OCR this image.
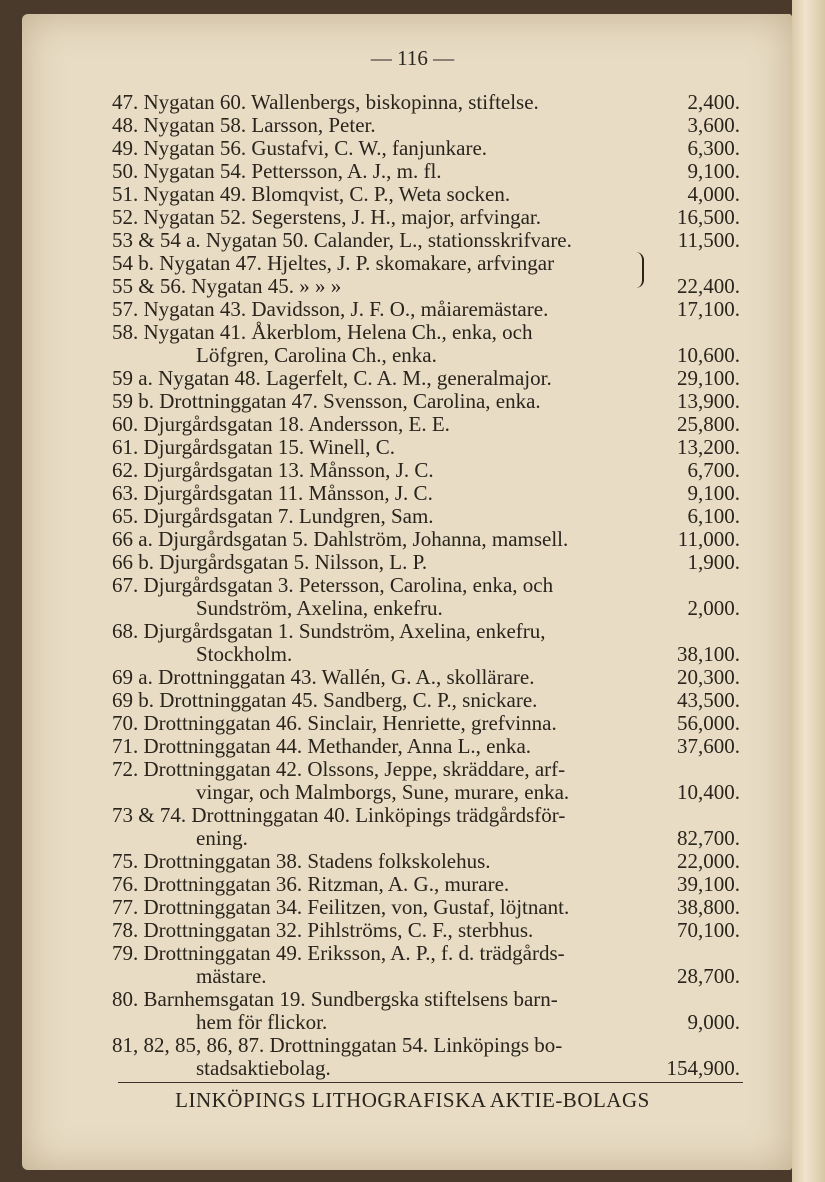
— 116 —
47. Nygatan 60. Wallenbergs, biskopinna, stiftelse.	2,400.
48. Nygatan 58. Larsson, Peter.	3,600.
49. Nygatan 56. Gustafvi, C. W., fanjunkare.	6,300.
50. Nygatan 54. Pettersson, A. J., m. fl.	9,100.
51. Nygatan 49. Blomqvist, C. P., Weta socken.	4,000.
52. Nygatan 52. Segerstens, J. H., major, arfvingar.	16,500.
53 & 54 a. Nygatan 50. Calander, L., stationsskrifvare.	11,500.
54 b. Nygatan 47. Hjeltes, J. P. skomakare, arfvingar
55 & 56. Nygatan 45. » » »	22,400.
57. Nygatan 43. Davidsson, J. F. O., måiaremästare.	17,100.
58. Nygatan 41. Åkerblom, Helena Ch., enka, och
Löfgren, Carolina Ch., enka.	10,600.
59 a. Nygatan 48. Lagerfelt, C. A. M., generalmajor.	29,100.
59 b. Drottninggatan 47. Svensson, Carolina, enka.	13,900.
60. Djurgårdsgatan 18. Andersson, E. E.	25,800.
61. Djurgårdsgatan 15. Winell, C.	13,200.
62. Djurgårdsgatan 13. Månsson, J. C.	6,700.
63. Djurgårdsgatan 11. Månsson, J. C.	9,100.
65. Djurgårdsgatan 7. Lundgren, Sam.	6,100.
66 a. Djurgårdsgatan 5. Dahlström, Johanna, mamsell.	11,000.
66 b. Djurgårdsgatan 5. Nilsson, L. P.	1,900.
67. Djurgårdsgatan 3. Petersson, Carolina, enka, och
Sundström, Axelina, enkefru.	2,000.
68. Djurgårdsgatan 1. Sundström, Axelina, enkefru,
Stockholm.	38,100.
69 a. Drottninggatan 43. Wallén, G. A., skollärare.	20,300.
69 b. Drottninggatan 45. Sandberg, C. P., snickare.	43,500.
70. Drottninggatan 46. Sinclair, Henriette, grefvinna.	56,000.
71. Drottninggatan 44. Methander, Anna L., enka.	37,600.
72. Drottninggatan 42. Olssons, Jeppe, skräddare, arf-
vingar, och Malmborgs, Sune, murare, enka.	10,400.
73 & 74. Drottninggatan 40. Linköpings trädgårdsför-
ening.	82,700.
75. Drottninggatan 38. Stadens folkskolehus.	22,000.
76. Drottninggatan 36. Ritzman, A. G., murare.	39,100.
77. Drottninggatan 34. Feilitzen, von, Gustaf, löjtnant.	38,800.
78. Drottninggatan 32. Pihlströms, C. F., sterbhus.	70,100.
79. Drottninggatan 49. Eriksson, A. P., f. d. trädgårds-
mästare.	28,700.
80. Barnhemsgatan 19. Sundbergska stiftelsens barn-
hem för flickor.	9,000.
81, 82, 85, 86, 87. Drottninggatan 54. Linköpings bo-
stadsaktiebolag.	154,900.
LINKÖPINGS LITHOGRAFISKA AKTIE-BOLAGS
